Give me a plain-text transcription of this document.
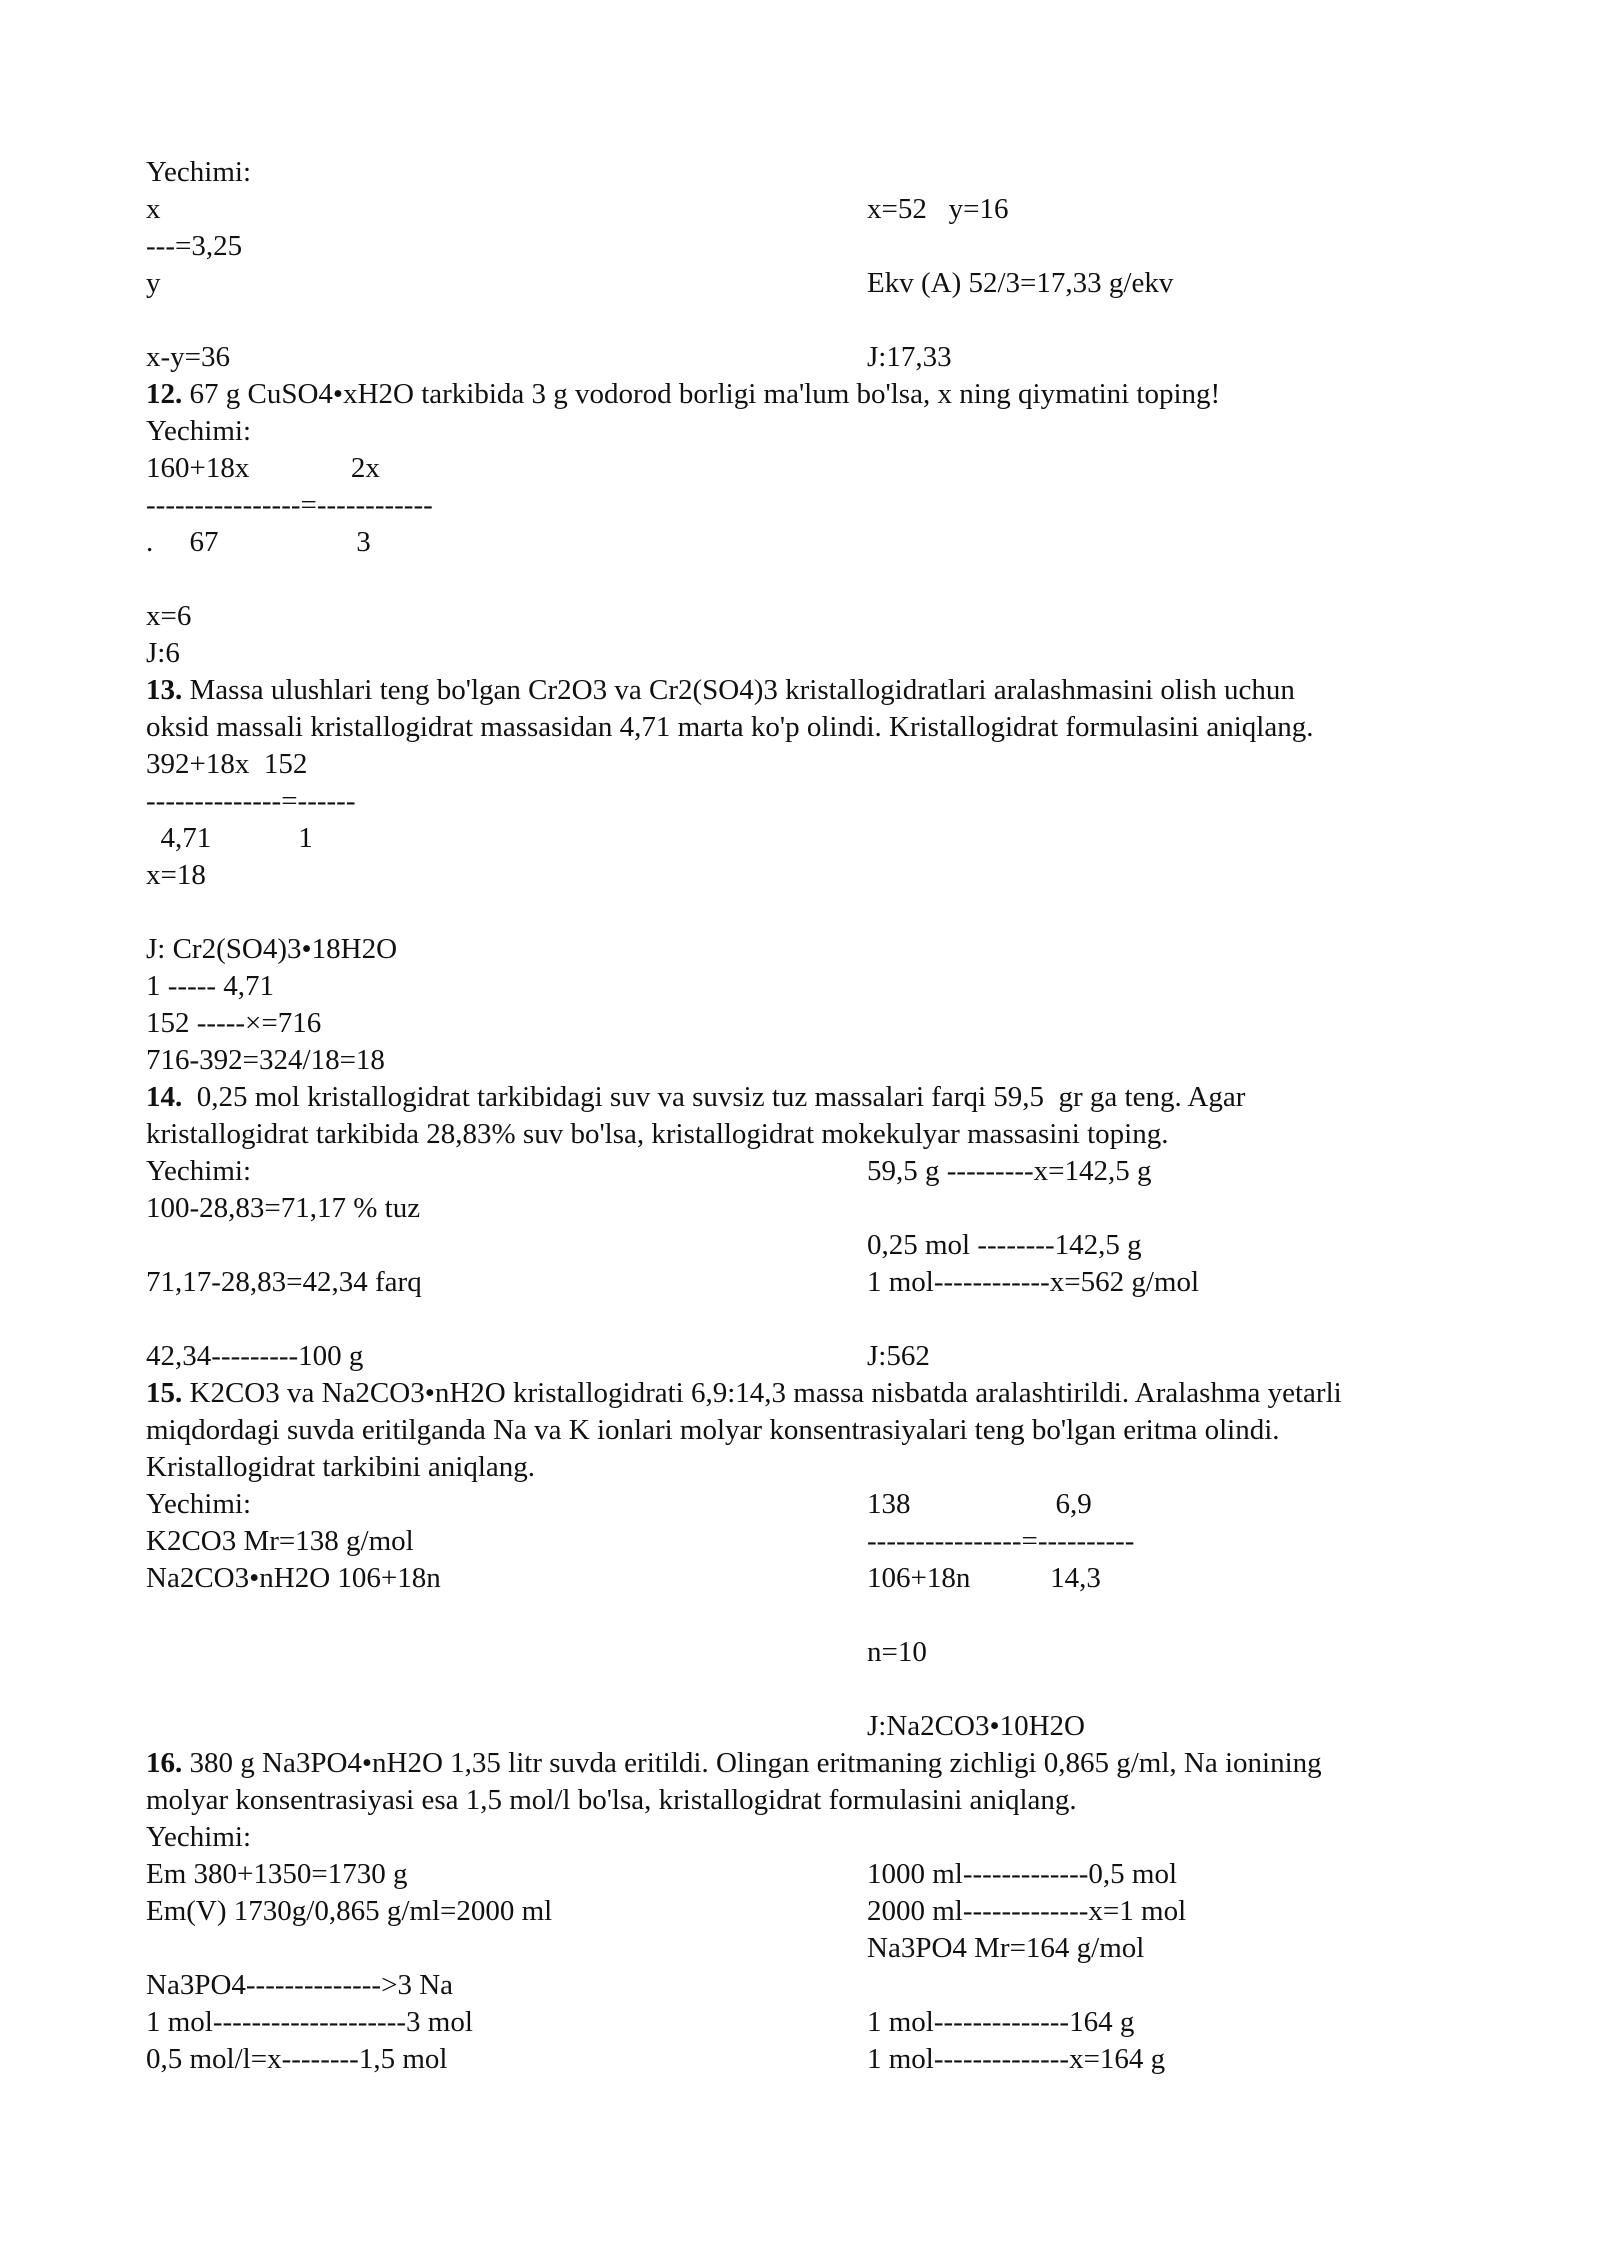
Yechimi:
x	x=52   y=16
---=3,25
y	Ekv (A) 52/3=17,33 g/ekv
x-y=36	J:17,33
12. 67 g CuSO4•xH2O tarkibida 3 g vodorod borligi ma'lum bo'lsa, x ning qiymatini toping!
Yechimi:
160+18x              2x
----------------=------------
.     67                   3
x=6
J:6
13. Massa ulushlari teng bo'lgan Cr2O3 va Cr2(SO4)3 kristallogidratlari aralashmasini olish uchun
oksid massali kristallogidrat massasidan 4,71 marta ko'p olindi. Kristallogidrat formulasini aniqlang.
392+18x  152
--------------=------
4,71            1
x=18
J: Cr2(SO4)3•18H2O
1 ----- 4,71
152 -----×=716
716-392=324/18=18
14.  0,25 mol kristallogidrat tarkibidagi suv va suvsiz tuz massalari farqi 59,5  gr ga teng. Agar
kristallogidrat tarkibida 28,83% suv bo'lsa, kristallogidrat mokekulyar massasini toping.
Yechimi:	59,5 g ---------x=142,5 g
100-28,83=71,17 % tuz
0,25 mol --------142,5 g
71,17-28,83=42,34 farq	1 mol------------x=562 g/mol
42,34---------100 g	J:562
15. K2CO3 va Na2CO3•nH2O kristallogidrati 6,9:14,3 massa nisbatda aralashtirildi. Aralashma yetarli
miqdordagi suvda eritilganda Na va K ionlari molyar konsentrasiyalari teng bo'lgan eritma olindi.
Kristallogidrat tarkibini aniqlang.
Yechimi:	138                    6,9
K2CO3 Mr=138 g/mol	----------------=----------
Na2CO3•nH2O 106+18n	106+18n           14,3
n=10
J:Na2CO3•10H2O
16. 380 g Na3PO4•nH2O 1,35 litr suvda eritildi. Olingan eritmaning zichligi 0,865 g/ml, Na ionining
molyar konsentrasiyasi esa 1,5 mol/l bo'lsa, kristallogidrat formulasini aniqlang.
Yechimi:
Em 380+1350=1730 g	1000 ml-------------0,5 mol
Em(V) 1730g/0,865 g/ml=2000 ml	2000 ml-------------x=1 mol
Na3PO4 Mr=164 g/mol
Na3PO4-------------->3 Na
1 mol--------------------3 mol	1 mol--------------164 g
0,5 mol/l=x--------1,5 mol	1 mol--------------x=164 g
